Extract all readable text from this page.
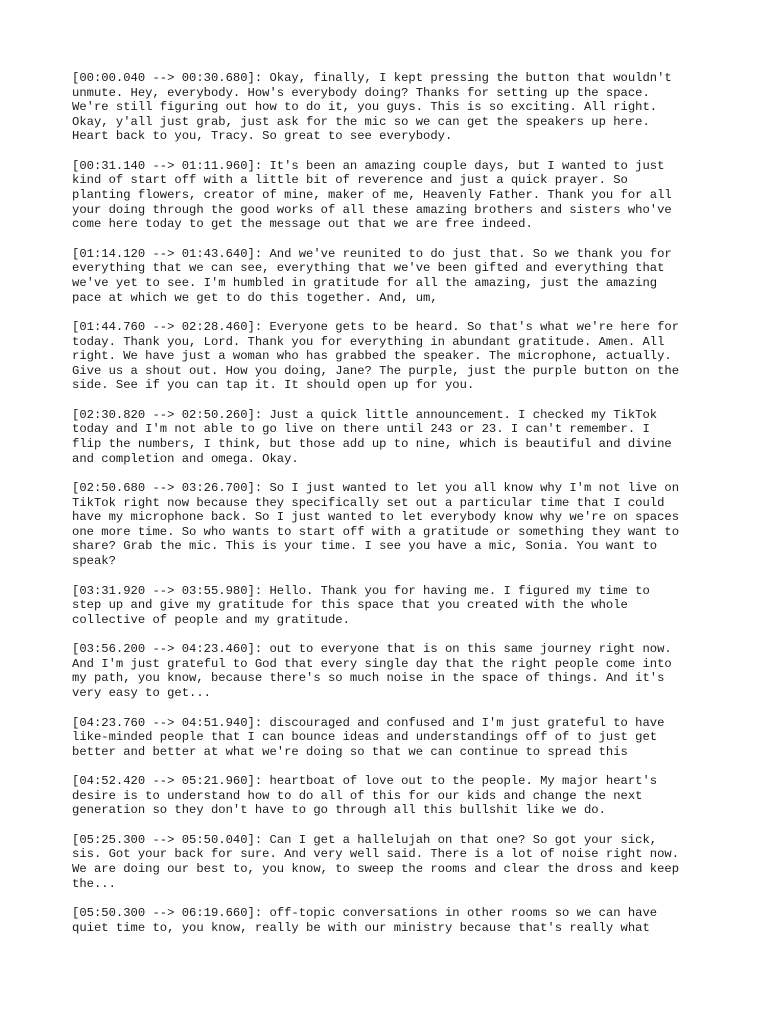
[00:00.040 --> 00:30.680]: Okay, finally, I kept pressing the button that wouldn't
unmute. Hey, everybody. How's everybody doing? Thanks for setting up the space.
We're still figuring out how to do it, you guys. This is so exciting. All right.
Okay, y'all just grab, just ask for the mic so we can get the speakers up here.
Heart back to you, Tracy. So great to see everybody.

[00:31.140 --> 01:11.960]: It's been an amazing couple days, but I wanted to just
kind of start off with a little bit of reverence and just a quick prayer. So
planting flowers, creator of mine, maker of me, Heavenly Father. Thank you for all
your doing through the good works of all these amazing brothers and sisters who've
come here today to get the message out that we are free indeed.

[01:14.120 --> 01:43.640]: And we've reunited to do just that. So we thank you for
everything that we can see, everything that we've been gifted and everything that
we've yet to see. I'm humbled in gratitude for all the amazing, just the amazing
pace at which we get to do this together. And, um,

[01:44.760 --> 02:28.460]: Everyone gets to be heard. So that's what we're here for
today. Thank you, Lord. Thank you for everything in abundant gratitude. Amen. All
right. We have just a woman who has grabbed the speaker. The microphone, actually.
Give us a shout out. How you doing, Jane? The purple, just the purple button on the
side. See if you can tap it. It should open up for you.

[02:30.820 --> 02:50.260]: Just a quick little announcement. I checked my TikTok
today and I'm not able to go live on there until 243 or 23. I can't remember. I
flip the numbers, I think, but those add up to nine, which is beautiful and divine
and completion and omega. Okay.

[02:50.680 --> 03:26.700]: So I just wanted to let you all know why I'm not live on
TikTok right now because they specifically set out a particular time that I could
have my microphone back. So I just wanted to let everybody know why we're on spaces
one more time. So who wants to start off with a gratitude or something they want to
share? Grab the mic. This is your time. I see you have a mic, Sonia. You want to
speak?

[03:31.920 --> 03:55.980]: Hello. Thank you for having me. I figured my time to
step up and give my gratitude for this space that you created with the whole
collective of people and my gratitude.

[03:56.200 --> 04:23.460]: out to everyone that is on this same journey right now.
And I'm just grateful to God that every single day that the right people come into
my path, you know, because there's so much noise in the space of things. And it's
very easy to get...

[04:23.760 --> 04:51.940]: discouraged and confused and I'm just grateful to have
like-minded people that I can bounce ideas and understandings off of to just get
better and better at what we're doing so that we can continue to spread this

[04:52.420 --> 05:21.960]: heartboat of love out to the people. My major heart's
desire is to understand how to do all of this for our kids and change the next
generation so they don't have to go through all this bullshit like we do.

[05:25.300 --> 05:50.040]: Can I get a hallelujah on that one? So got your sick,
sis. Got your back for sure. And very well said. There is a lot of noise right now.
We are doing our best to, you know, to sweep the rooms and clear the dross and keep
the...

[05:50.300 --> 06:19.660]: off-topic conversations in other rooms so we can have
quiet time to, you know, really be with our ministry because that's really what
